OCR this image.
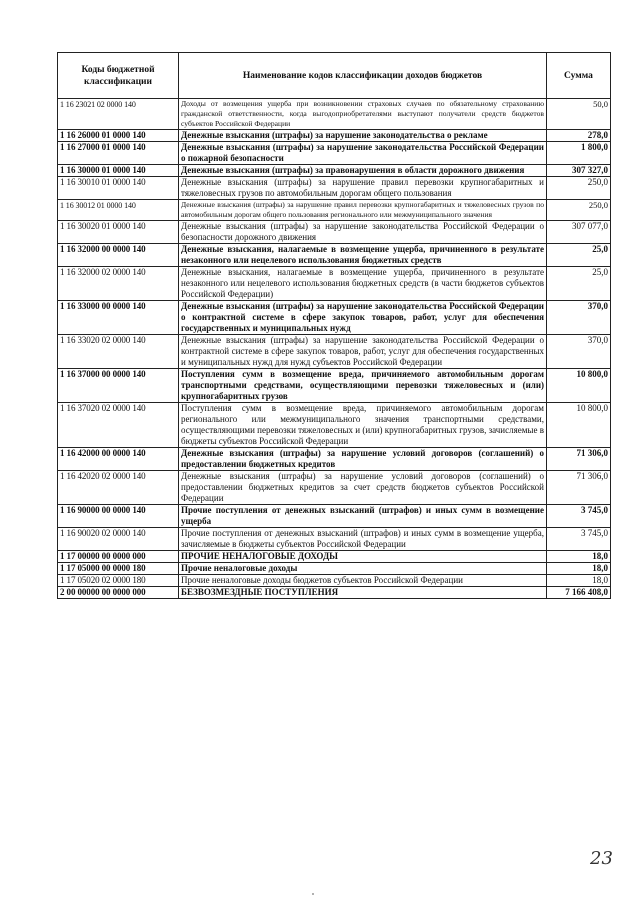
Коды бюджетной классификации	Наименование кодов классификации доходов бюджетов	Сумма
1 16 23021 02 0000 140	Доходы от возмещения ущерба при возникновении страховых случаев по обязательному страхованию гражданской ответственности, когда выгодоприобретателями выступают получатели средств бюджетов субъектов Российской Федерации	50,0
1 16 26000 01 0000 140	Денежные взыскания (штрафы) за нарушение законодательства о рекламе	278,0
1 16 27000 01 0000 140	Денежные взыскания (штрафы) за нарушение законодательства Российской Федерации о пожарной безопасности	1 800,0
1 16 30000 01 0000 140	Денежные взыскания (штрафы) за правонарушения в области дорожного движения	307 327,0
1 16 30010 01 0000 140	Денежные взыскания (штрафы) за нарушение правил перевозки крупногабаритных и тяжеловесных грузов по автомобильным дорогам общего пользования	250,0
1 16 30012 01 0000 140	Денежные взыскания (штрафы) за нарушение правил перевозки крупногабаритных и тяжеловесных грузов по автомобильным дорогам общего пользования регионального или межмуниципального значения	250,0
1 16 30020 01 0000 140	Денежные взыскания (штрафы) за нарушение законодательства Российской Федерации о безопасности дорожного движения	307 077,0
1 16 32000 00 0000 140	Денежные взыскания, налагаемые в возмещение ущерба, причиненного в результате незаконного или нецелевого использования бюджетных средств	25,0
1 16 32000 02 0000 140	Денежные взыскания, налагаемые в возмещение ущерба, причиненного в результате незаконного или нецелевого использования бюджетных средств (в части бюджетов субъектов Российской Федерации)	25,0
1 16 33000 00 0000 140	Денежные взыскания (штрафы) за нарушение законодательства Российской Федерации о контрактной системе в сфере закупок товаров, работ, услуг для обеспечения государственных и муниципальных нужд	370,0
1 16 33020 02 0000 140	Денежные взыскания (штрафы) за нарушение законодательства Российской Федерации о контрактной системе в сфере закупок товаров, работ, услуг для обеспечения государственных и муниципальных нужд для нужд субъектов Российской Федерации	370,0
1 16 37000 00 0000 140	Поступления сумм в возмещение вреда, причиняемого автомобильным дорогам транспортными средствами, осуществляющими перевозки тяжеловесных и (или) крупногабаритных грузов	10 800,0
1 16 37020 02 0000 140	Поступления сумм в возмещение вреда, причиняемого автомобильным дорогам регионального или межмуниципального значения транспортными средствами, осуществляющими перевозки тяжеловесных и (или) крупногабаритных грузов, зачисляемые в бюджеты субъектов Российской Федерации	10 800,0
1 16 42000 00 0000 140	Денежные взыскания (штрафы) за нарушение условий договоров (соглашений) о предоставлении бюджетных кредитов	71 306,0
1 16 42020 02 0000 140	Денежные взыскания (штрафы) за нарушение условий договоров (соглашений) о предоставлении бюджетных кредитов за счет средств бюджетов субъектов Российской Федерации	71 306,0
1 16 90000 00 0000 140	Прочие поступления от денежных взысканий (штрафов) и иных сумм в возмещение ущерба	3 745,0
1 16 90020 02 0000 140	Прочие поступления от денежных взысканий (штрафов) и иных сумм в возмещение ущерба, зачисляемые в бюджеты субъектов Российской Федерации	3 745,0
1 17 00000 00 0000 000	ПРОЧИЕ НЕНАЛОГОВЫЕ ДОХОДЫ	18,0
1 17 05000 00 0000 180	Прочие неналоговые доходы	18,0
1 17 05020 02 0000 180	Прочие неналоговые доходы бюджетов субъектов Российской Федерации	18,0
2 00 00000 00 0000 000	БЕЗВОЗМЕЗДНЫЕ ПОСТУПЛЕНИЯ	7 166 408,0
23
